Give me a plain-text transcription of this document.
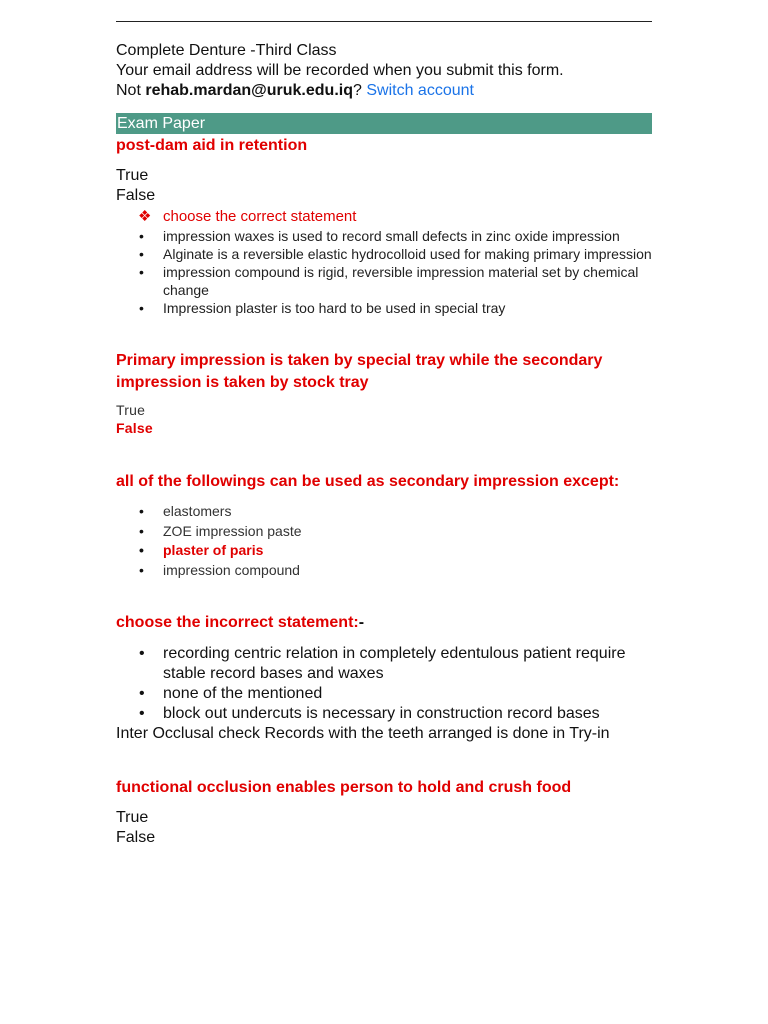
Complete Denture -Third Class
Your email address will be recorded when you submit this form.
Not rehab.mardan@uruk.edu.iq? Switch account
Exam Paper
post-dam aid in retention
True
False
❖ choose the correct statement
• impression waxes is used to record small defects in zinc oxide impression
• Alginate is a reversible elastic hydrocolloid used for making primary impression
• impression compound is rigid, reversible impression material set by chemical change
• Impression plaster is too hard to be used in special tray
Primary impression is taken by special tray while the secondary impression is taken by stock tray
True
False
all of the followings can be used as secondary impression except:
• elastomers
• ZOE impression paste
• plaster of paris
• impression compound
choose the incorrect statement:-
• recording centric relation in completely edentulous patient require stable record bases and waxes
• none of the mentioned
• block out undercuts is necessary in construction record bases
Inter Occlusal check Records with the teeth arranged is done in Try-in
functional occlusion enables person to hold and crush food
True
False
